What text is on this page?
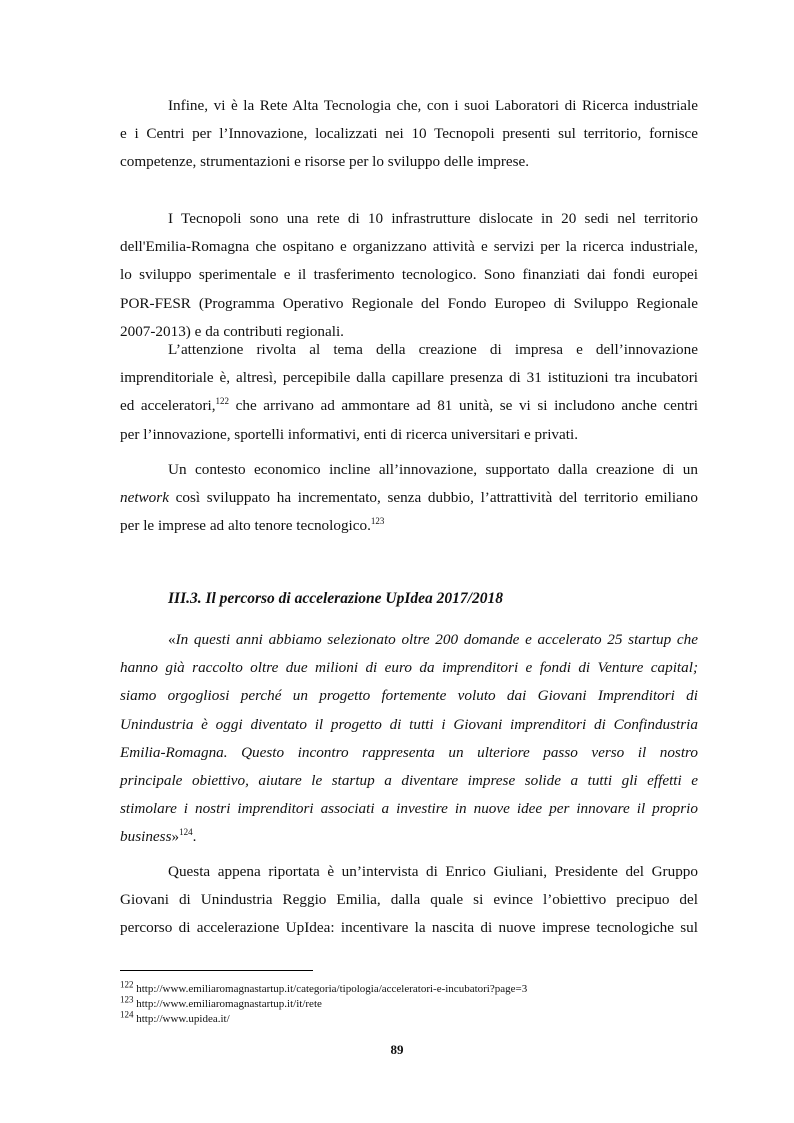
Infine, vi è la Rete Alta Tecnologia che, con i suoi Laboratori di Ricerca industriale
e i Centri per l’Innovazione, localizzati nei 10 Tecnopoli presenti sul territorio, fornisce
competenze, strumentazioni e risorse per lo sviluppo delle imprese.

I Tecnopoli sono una rete di 10 infrastrutture dislocate in 20 sedi nel territorio
dell'Emilia-Romagna che ospitano e organizzano attività e servizi per la ricerca industriale,
lo sviluppo sperimentale e il trasferimento tecnologico. Sono finanziati dai fondi europei
POR-FESR (Programma Operativo Regionale del Fondo Europeo di Sviluppo Regionale
2007-2013) e da contributi regionali.

L’attenzione rivolta al tema della creazione di impresa e dell’innovazione
imprenditoriale è, altresì, percepibile dalla capillare presenza di 31 istituzioni tra incubatori
ed acceleratori,$^{122}$ che arrivano ad ammontare ad 81 unità, se vi si includono anche centri
per l’innovazione, sportelli informativi, enti di ricerca universitari e privati.

Un contesto economico incline all’innovazione, supportato dalla creazione di un
network così sviluppato ha incrementato, senza dubbio, l’attrattività del territorio emiliano
per le imprese ad alto tenore tecnologico.$^{123}$

III.3. Il percorso di accelerazione UpIdea 2017/2018

«In questi anni abbiamo selezionato oltre 200 domande e accelerato 25 startup che
hanno già raccolto oltre due milioni di euro da imprenditori e fondi di Venture capital;
siamo orgogliosi perché un progetto fortemente voluto dai Giovani Imprenditori di
Unindustria è oggi diventato il progetto di tutti i Giovani imprenditori di Confindustria
Emilia-Romagna. Questo incontro rappresenta un ulteriore passo verso il nostro
principale obiettivo, aiutare le startup a diventare imprese solide a tutti gli effetti e
stimolare i nostri imprenditori associati a investire in nuove idee per innovare il proprio
business»$^{124}$.

Questa appena riportata è un’intervista di Enrico Giuliani, Presidente del Gruppo
Giovani di Unindustria Reggio Emilia, dalla quale si evince l’obiettivo precipuo del
percorso di accelerazione UpIdea: incentivare la nascita di nuove imprese tecnologiche sul

$^{122}$ http://www.emiliaromagnastartup.it/categoria/tipologia/acceleratori-e-incubatori?page=3
$^{123}$ http://www.emiliaromagnastartup.it/it/rete
$^{124}$ http://www.upidea.it/
89
